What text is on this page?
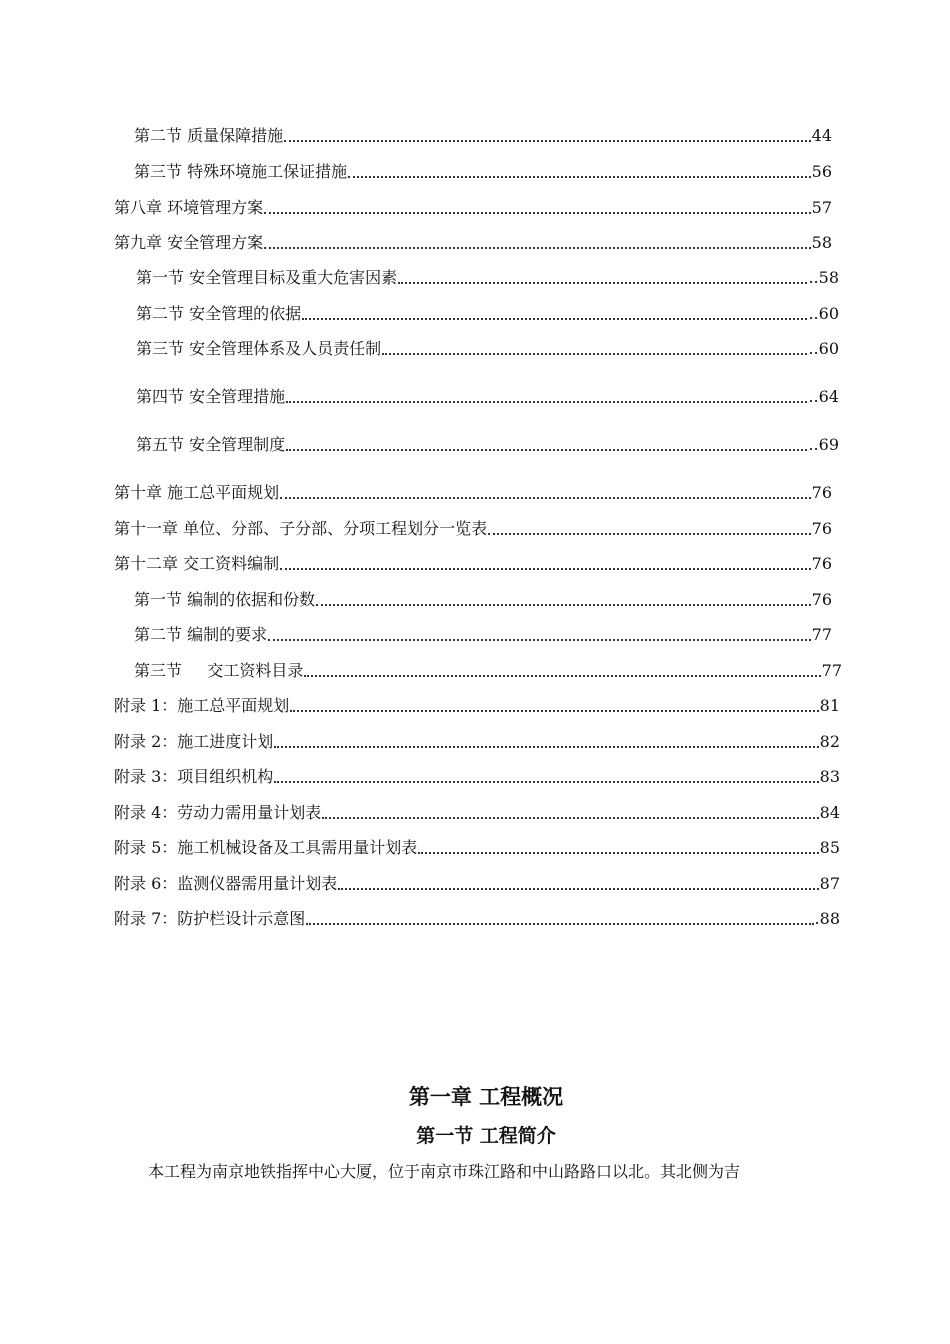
第二节 质量保障措施	44
第三节 特殊环境施工保证措施	56
第八章 环境管理方案	57
第九章 安全管理方案	58
第一节 安全管理目标及重大危害因素	..58
第二节 安全管理的依据	..60
第三节 安全管理体系及人员责任制	..60
第四节 安全管理措施	..64
第五节 安全管理制度	..69
第十章 施工总平面规划	76
第十一章 单位、分部、子分部、分项工程划分一览表	76
第十二章 交工资料编制	76
第一节 编制的依据和份数	76
第二节 编制的要求	77
第三节     交工资料目录	77
附录 1：施工总平面规划	81
附录 2：施工进度计划	82
附录 3：项目组织机构	83
附录 4：劳动力需用量计划表	84
附录 5：施工机械设备及工具需用量计划表	85
附录 6：监测仪器需用量计划表	87
附录 7：防护栏设计示意图	.88
第一章 工程概况
第一节 工程简介
本工程为南京地铁指挥中心大厦，位于南京市珠江路和中山路路口以北。其北侧为吉
